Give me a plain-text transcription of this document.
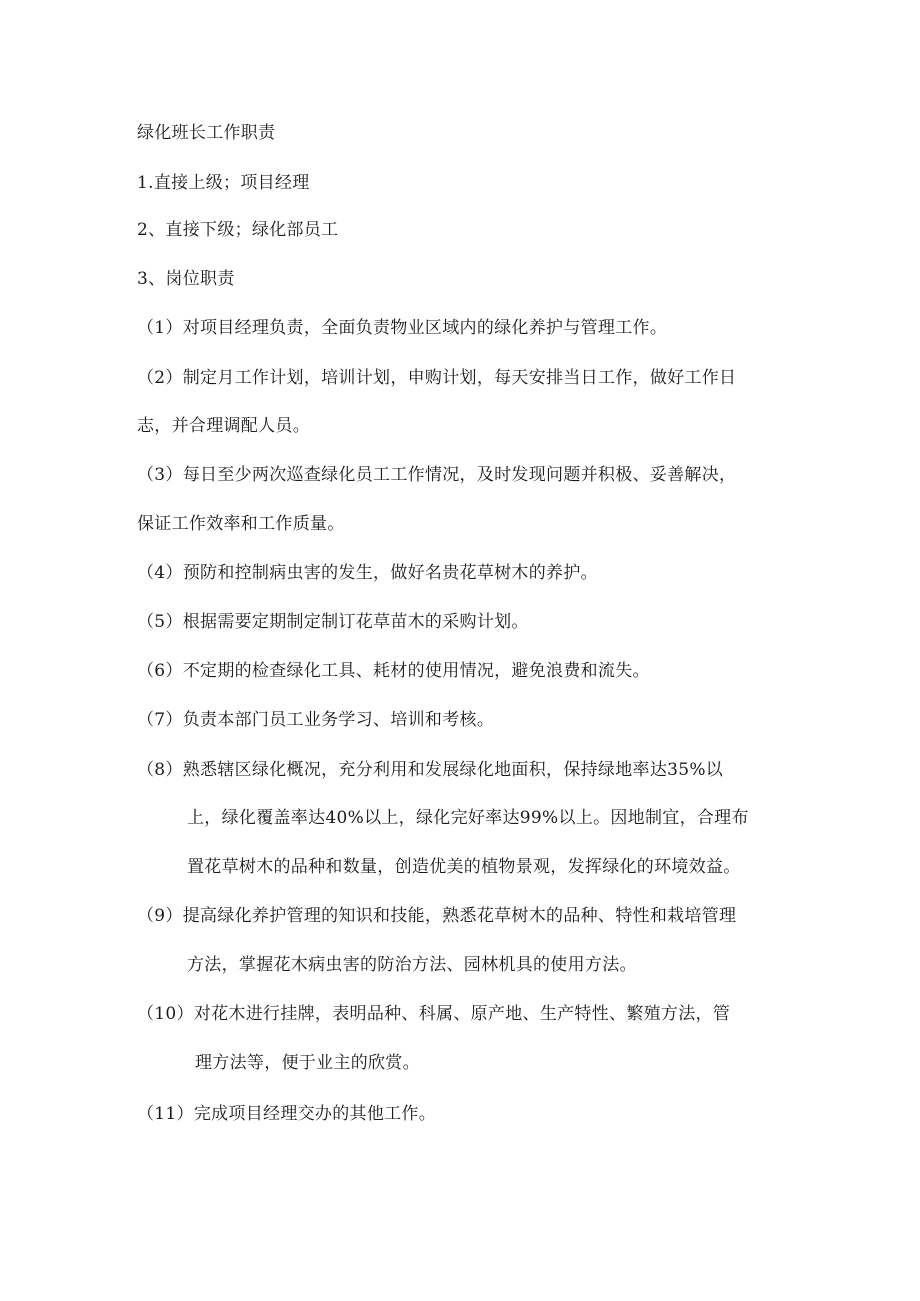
绿化班长工作职责
1.直接上级；项目经理
2、直接下级；绿化部员工
3、岗位职责
（1）对项目经理负责，全面负责物业区域内的绿化养护与管理工作。
（2）制定月工作计划，培训计划，申购计划，每天安排当日工作，做好工作日
志，并合理调配人员。
（3）每日至少两次巡查绿化员工工作情况，及时发现问题并积极、妥善解决，
保证工作效率和工作质量。
（4）预防和控制病虫害的发生，做好名贵花草树木的养护。
（5）根据需要定期制定制订花草苗木的采购计划。
（6）不定期的检查绿化工具、耗材的使用情况，避免浪费和流失。
（7）负责本部门员工业务学习、培训和考核。
（8）熟悉辖区绿化概况，充分利用和发展绿化地面积，保持绿地率达35%以
上，绿化覆盖率达40%以上，绿化完好率达99%以上。因地制宜，合理布
置花草树木的品种和数量，创造优美的植物景观，发挥绿化的环境效益。
（9）提高绿化养护管理的知识和技能，熟悉花草树木的品种、特性和栽培管理
方法，掌握花木病虫害的防治方法、园林机具的使用方法。
（10）对花木进行挂牌，表明品种、科属、原产地、生产特性、繁殖方法，管
理方法等，便于业主的欣赏。
（11）完成项目经理交办的其他工作。
